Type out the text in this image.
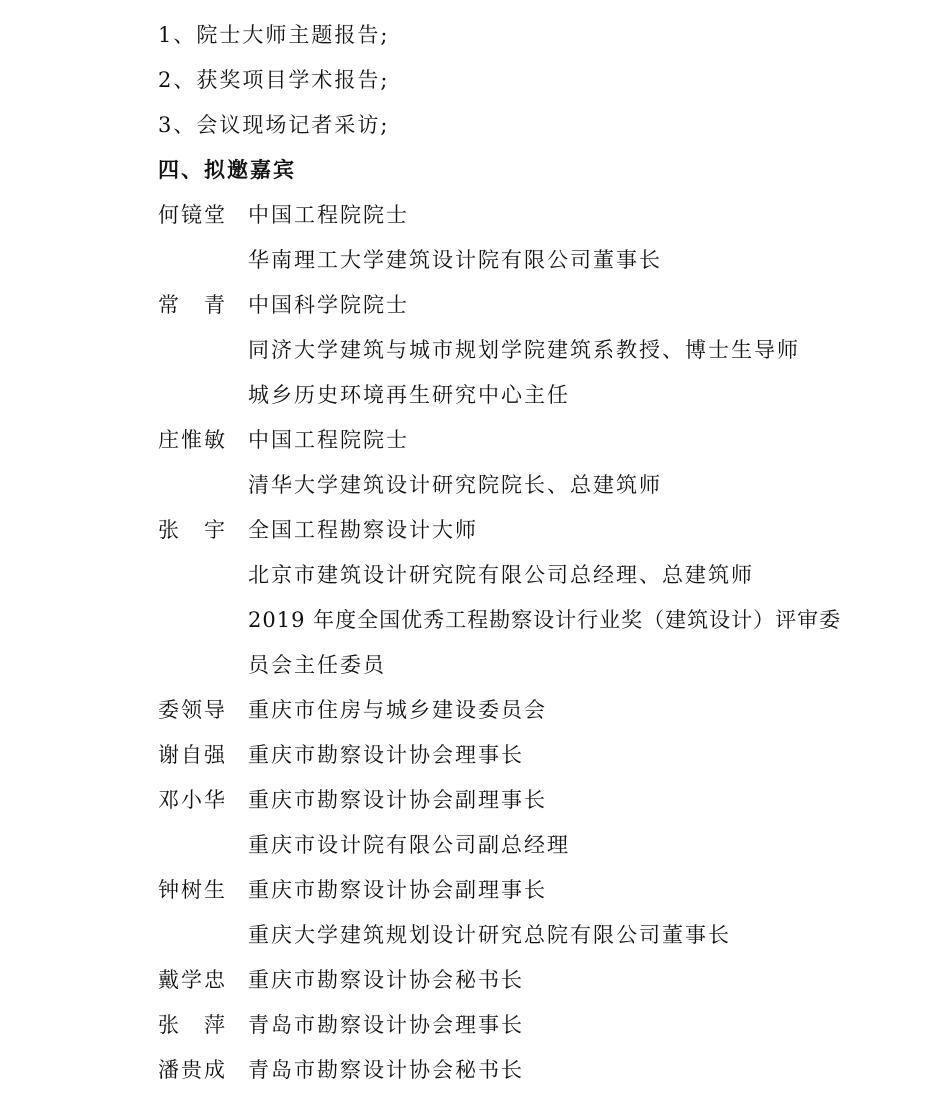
1、院士大师主题报告;
2、获奖项目学术报告;
3、会议现场记者采访;
四、拟邀嘉宾
何镜堂 中国工程院院士
华南理工大学建筑设计院有限公司董事长
常　青 中国科学院院士
同济大学建筑与城市规划学院建筑系教授、博士生导师
城乡历史环境再生研究中心主任
庄惟敏 中国工程院院士
清华大学建筑设计研究院院长、总建筑师
张　宇 全国工程勘察设计大师
北京市建筑设计研究院有限公司总经理、总建筑师
2019 年度全国优秀工程勘察设计行业奖（建筑设计）评审委
员会主任委员
委领导 重庆市住房与城乡建设委员会
谢自强 重庆市勘察设计协会理事长
邓小华 重庆市勘察设计协会副理事长
重庆市设计院有限公司副总经理
钟树生 重庆市勘察设计协会副理事长
重庆大学建筑规划设计研究总院有限公司董事长
戴学忠 重庆市勘察设计协会秘书长
张　萍 青岛市勘察设计协会理事长
潘贵成 青岛市勘察设计协会秘书长
